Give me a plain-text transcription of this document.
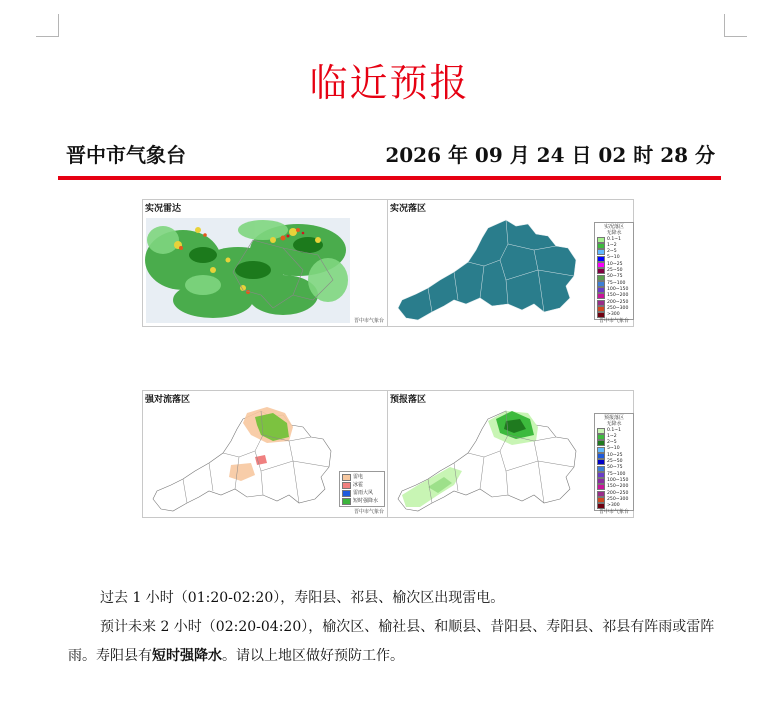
临近预报
晋中市气象台	2026 年 09 月 24 日 02 时 28 分
实况雷达
晋中市气象台
实况落区
实况落区
无降水
0.1~1
1~2
2~5
5~10
10~25
25~50
50~75
75~100
100~150
150~200
200~250
250~300
>300
晋中市气象台
强对流落区
雷电
冰雹
雷雨大风
短时强降水
晋中市气象台
预报落区
预报落区
无降水
0.1~1
1~2
2~5
5~10
10~25
25~50
50~75
75~100
100~150
150~200
200~250
250~300
>300
晋中市气象台

过去 1 小时（01:20-02:20），寿阳县、祁县、榆次区出现雷电。

预计未来 2 小时（02:20-04:20），榆次区、榆社县、和顺县、昔阳县、寿阳县、祁县有阵雨或雷阵雨。寿阳县有短时强降水。请以上地区做好预防工作。
